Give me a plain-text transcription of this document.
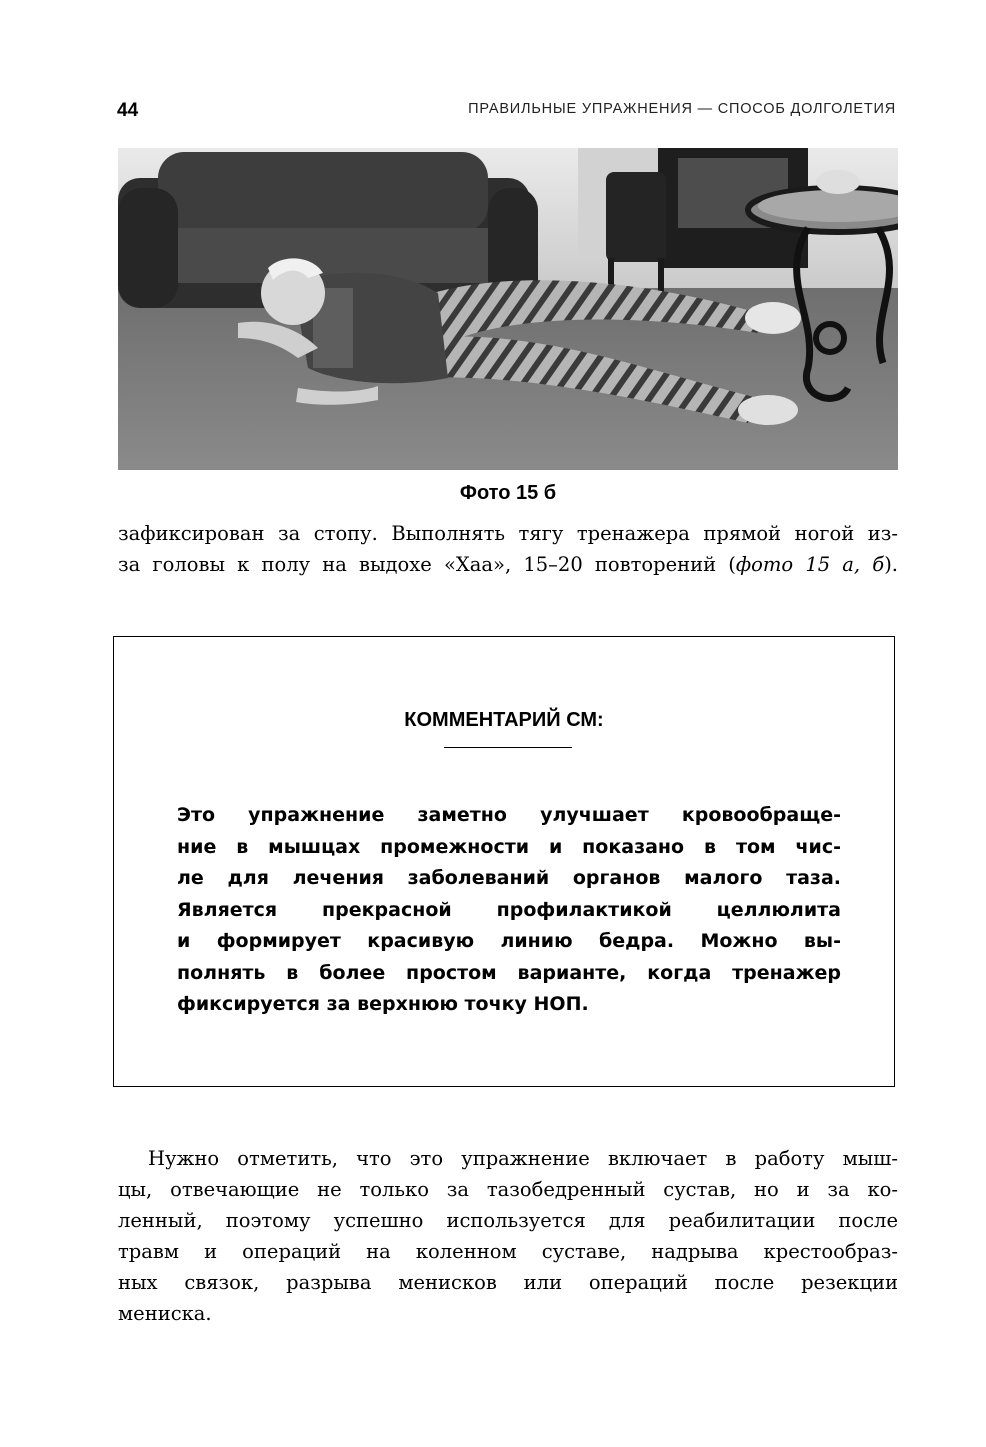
44	ПРАВИЛЬНЫЕ УПРАЖНЕНИЯ — СПОСОБ ДОЛГОЛЕТИЯ
Фото 15 б
зафиксирован за стопу. Выполнять тягу тренажера прямой ногой из-
за головы к полу на выдохе «Хаа», 15–20 повторений (фото 15 а, б).
КОММЕНТАРИЙ СМ:
Это упражнение заметно улучшает кровообраще-
ние в мышцах промежности и показано в том чис-
ле для лечения заболеваний органов малого таза.
Является прекрасной профилактикой целлюлита
и формирует красивую линию бедра. Можно вы-
полнять в более простом варианте, когда тренажер
фиксируется за верхнюю точку НОП.
Нужно отметить, что это упражнение включает в работу мыш-
цы, отвечающие не только за тазобедренный сустав, но и за ко-
ленный, поэтому успешно используется для реабилитации после
травм и операций на коленном суставе, надрыва крестообраз-
ных связок, разрыва менисков или операций после резекции
мениска.
